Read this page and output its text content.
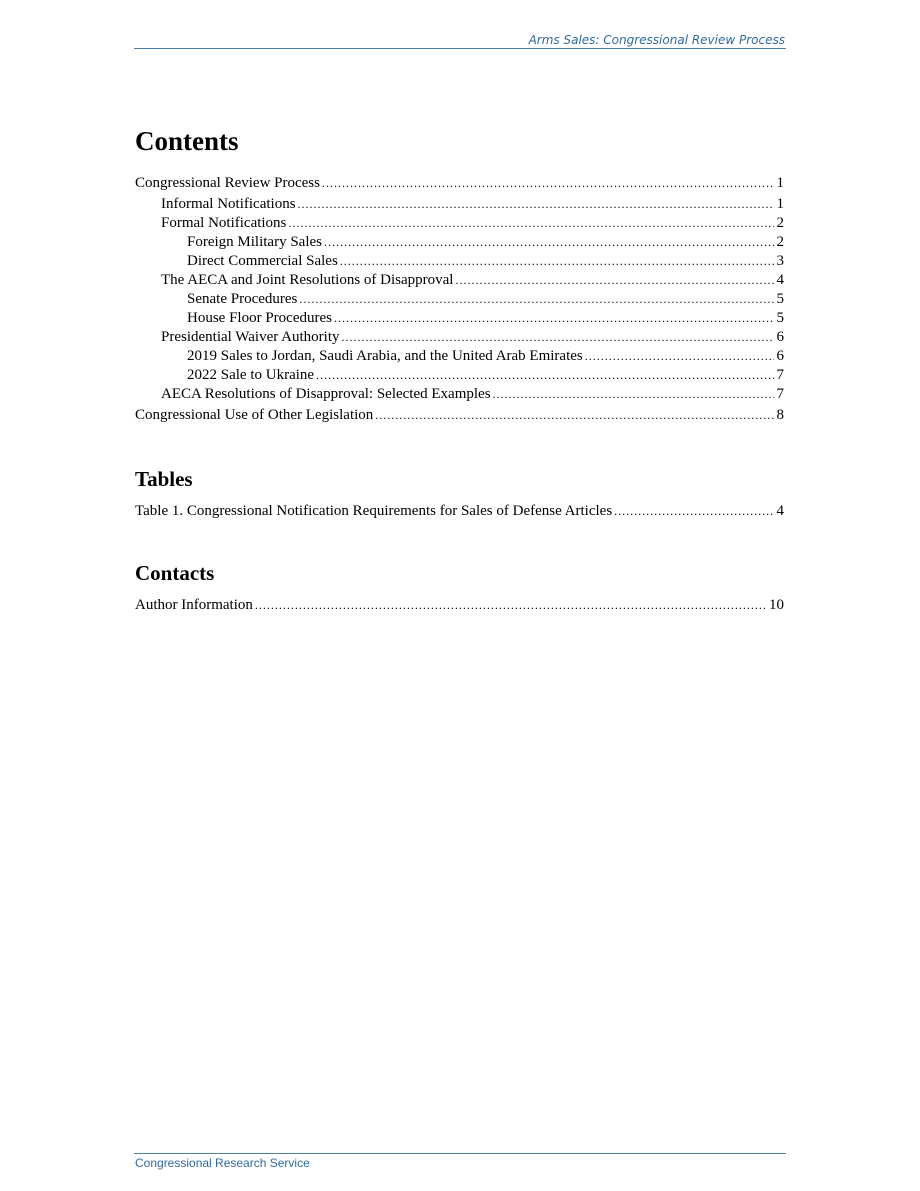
Arms Sales: Congressional Review Process
Contents
Congressional Review Process . . .	1
Informal Notifications . . .	1
Formal Notifications . . .	2
Foreign Military Sales . . .	2
Direct Commercial Sales . . .	3
The AECA and Joint Resolutions of Disapproval . . .	4
Senate Procedures . . .	5
House Floor Procedures . . .	5
Presidential Waiver Authority . . .	6
2019 Sales to Jordan, Saudi Arabia, and the United Arab Emirates . . .	6
2022 Sale to Ukraine . . .	7
AECA Resolutions of Disapproval: Selected Examples . . .	7
Congressional Use of Other Legislation . . .	8
Tables
Table 1. Congressional Notification Requirements for Sales of Defense Articles . . .	4
Contacts
Author Information . . .	10
Congressional Research Service
